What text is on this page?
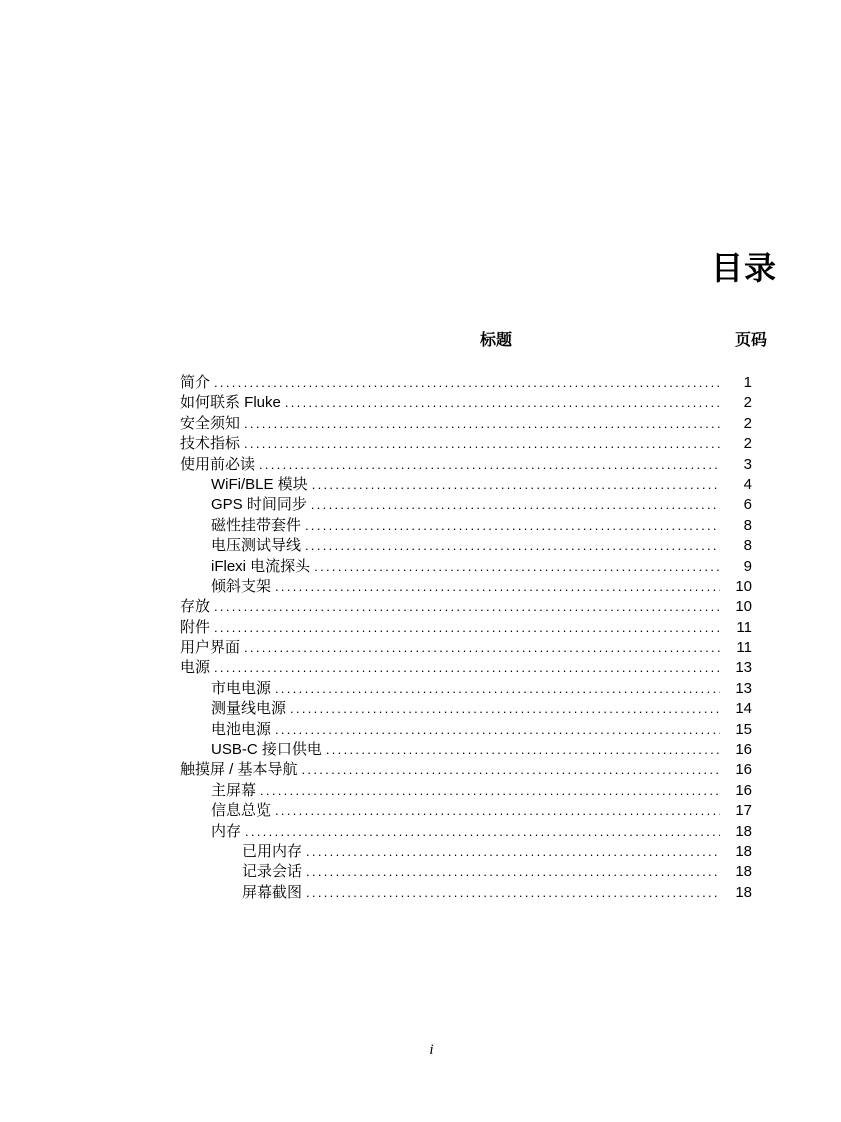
目录
标题	页码
简介 .....	1
如何联系 Fluke .....	2
安全须知 .....	2
技术指标 .....	2
使用前必读 .....	3
WiFi/BLE 模块 .....	4
GPS 时间同步 .....	6
磁性挂带套件 .....	8
电压测试导线 .....	8
iFlexi 电流探头 .....	9
倾斜支架 .....	10
存放 .....	10
附件 .....	11
用户界面 .....	11
电源 .....	13
市电电源 .....	13
测量线电源 .....	14
电池电源 .....	15
USB-C 接口供电 .....	16
触摸屏 / 基本导航 .....	16
主屏幕 .....	16
信息总览 .....	17
内存 .....	18
已用内存 .....	18
记录会话 .....	18
屏幕截图 .....	18
i
